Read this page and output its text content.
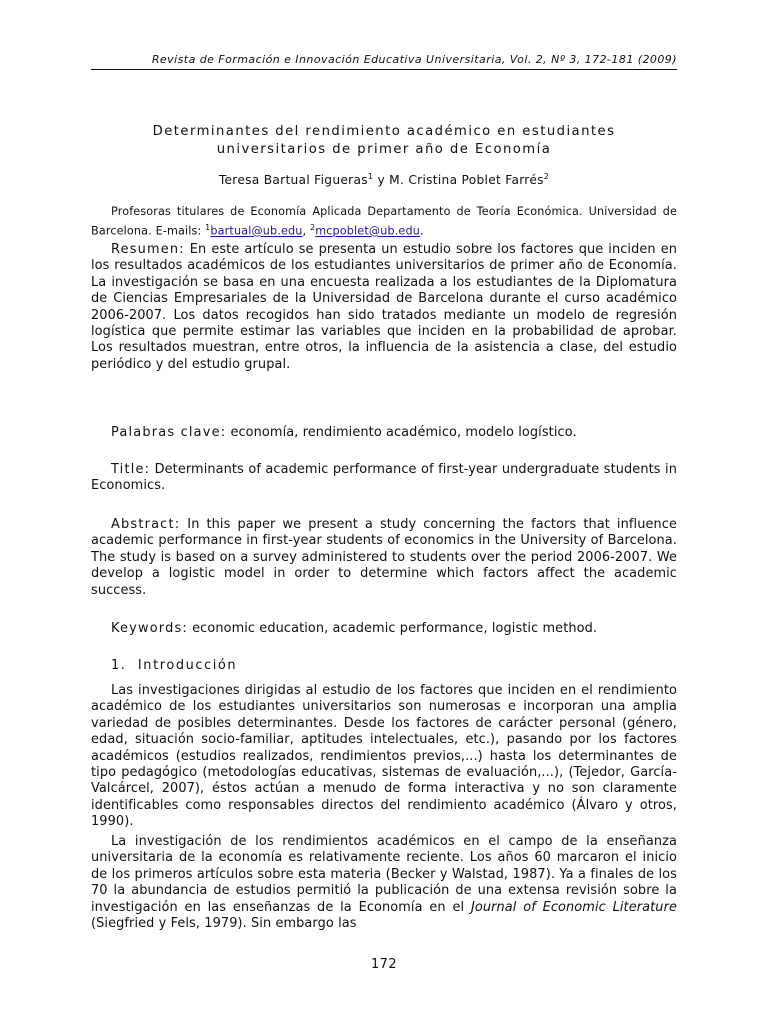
Revista de Formación e Innovación Educativa Universitaria, Vol. 2, Nº 3, 172-181 (2009)
Determinantes del rendimiento académico en estudiantes
universitarios de primer año de Economía
Teresa Bartual Figueras$^1$ y M. Cristina Poblet Farrés$^2$
Profesoras titulares de Economía Aplicada Departamento de Teoría Económica. Universidad de Barcelona. E-mails: $^1$bartual@ub.edu, $^2$mcpoblet@ub.edu.

Resumen: En este artículo se presenta un estudio sobre los factores que inciden en los resultados académicos de los estudiantes universitarios de primer año de Economía. La investigación se basa en una encuesta realizada a los estudiantes de la Diplomatura de Ciencias Empresariales de la Universidad de Barcelona durante el curso académico 2006-2007. Los datos recogidos han sido tratados mediante un modelo de regresión logística que permite estimar las variables que inciden en la probabilidad de aprobar. Los resultados muestran, entre otros, la influencia de la asistencia a clase, del estudio periódico y del estudio grupal.

Palabras clave: economía, rendimiento académico, modelo logístico.

Title: Determinants of academic performance of first-year undergraduate students in Economics.

Abstract: In this paper we present a study concerning the factors that influence academic performance in first-year students of economics in the University of Barcelona. The study is based on a survey administered to students over the period 2006-2007. We develop a logistic model in order to determine which factors affect the academic success.

Keywords: economic education, academic performance, logistic method.

1.  Introducción

Las investigaciones dirigidas al estudio de los factores que inciden en el rendimiento académico de los estudiantes universitarios son numerosas e incorporan una amplia variedad de posibles determinantes. Desde los factores de carácter personal (género, edad, situación socio-familiar, aptitudes intelectuales, etc.), pasando por los factores académicos (estudios realizados, rendimientos previos,...) hasta los determinantes de tipo pedagógico (metodologías educativas, sistemas de evaluación,...), (Tejedor, García-Valcárcel, 2007), éstos actúan a menudo de forma interactiva y no son claramente identificables como responsables directos del rendimiento académico (Álvaro y otros, 1990).

La investigación de los rendimientos académicos en el campo de la enseñanza universitaria de la economía es relativamente reciente. Los años 60 marcaron el inicio de los primeros artículos sobre esta materia (Becker y Walstad, 1987). Ya a finales de los 70 la abundancia de estudios permitió la publicación de una extensa revisión sobre la investigación en las enseñanzas de la Economía en el Journal of Economic Literature (Siegfried y Fels, 1979). Sin embargo las

172
